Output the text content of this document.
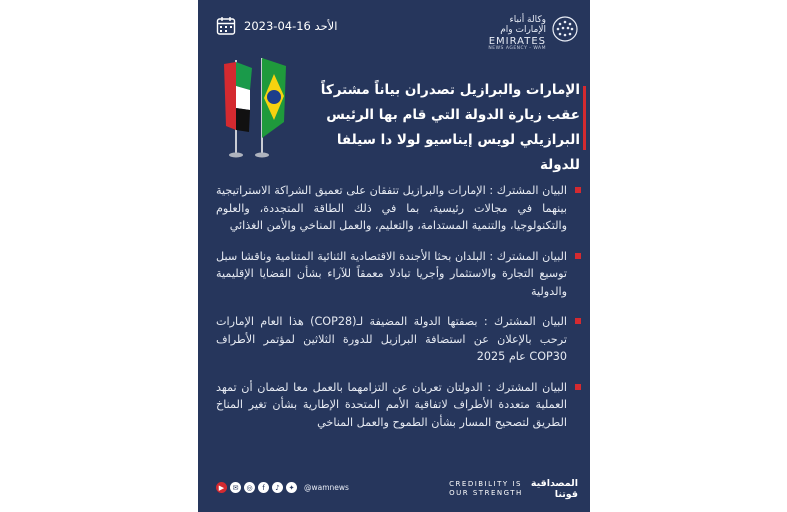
وكالة أنباء الإمارات وام
EMIRATES
NEWS AGENCY - WAM
الأحد 16-04-2023
الإمارات والبرازيل تصدران بياناً مشتركاً عقب زيارة الدولة التي قام بها الرئيس البرازيلي لويس إيناسيو لولا دا سيلفا للدولة
البيان المشترك : الإمارات والبرازيل تتفقان على تعميق الشراكة الاستراتيجية بينهما في مجالات رئيسية، بما في ذلك الطاقة المتجددة، والعلوم والتكنولوجيا، والتنمية المستدامة، والتعليم، والعمل المناخي والأمن الغذائي
البيان المشترك : البلدان بحثا الأجندة الاقتصادية الثنائية المتنامية وناقشا سبل توسيع التجارة والاستثمار وأجريا تبادلا معمقاً للآراء بشأن القضايا الإقليمية والدولية
البيان المشترك : بصفتها الدولة المضيفة لـ(COP28) هذا العام الإمارات ترحب بالإعلان عن استضافة البرازيل للدورة الثلاثين لمؤتمر الأطراف COP30 عام 2025
البيان المشترك : الدولتان تعربان عن التزامهما بالعمل معا لضمان أن تمهد العملية متعددة الأطراف لاتفاقية الأمم المتحدة الإطارية بشأن تغير المناخ الطريق لتصحيح المسار بشأن الطموح والعمل المناخي
▶	✉	◎	f	♪	✦	@wamnews	CREDIBILITY IS
OUR STRENGTH
المصداقية
قوتنا
